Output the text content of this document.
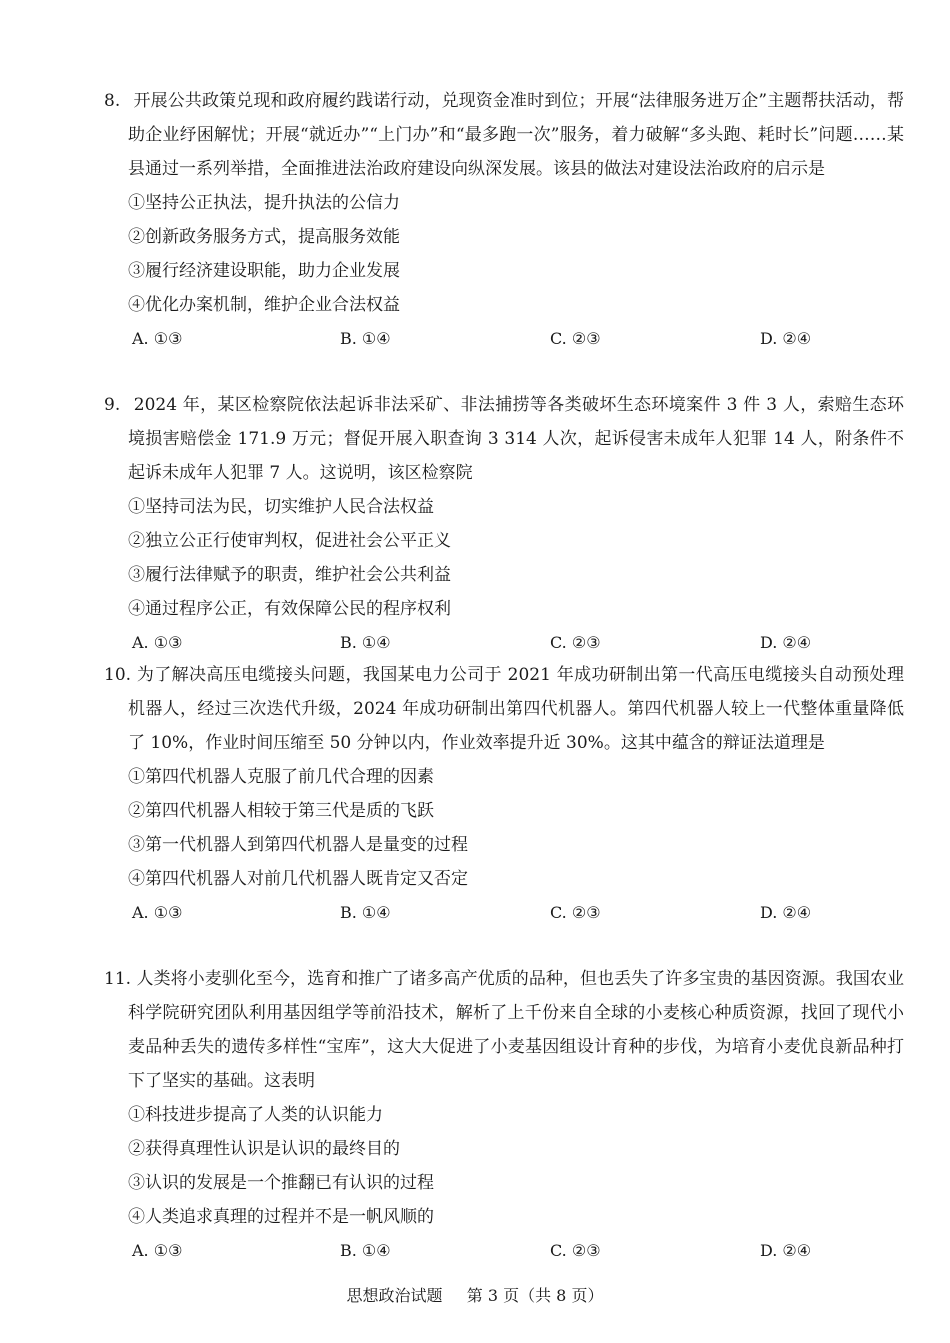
8. 开展公共政策兑现和政府履约践诺行动，兑现资金准时到位；开展“法律服务进万企”主题帮扶活动，帮助企业纾困解忧；开展“就近办”“上门办”和“最多跑一次”服务，着力破解“多头跑、耗时长”问题……某县通过一系列举措，全面推进法治政府建设向纵深发展。该县的做法对建设法治政府的启示是
①坚持公正执法，提升执法的公信力
②创新政务服务方式，提高服务效能
③履行经济建设职能，助力企业发展
④优化办案机制，维护企业合法权益
A. ①③	B. ①④	C. ②③	D. ②④
9. 2024 年，某区检察院依法起诉非法采矿、非法捕捞等各类破坏生态环境案件 3 件 3 人，索赔生态环境损害赔偿金 171.9 万元；督促开展入职查询 3 314 人次，起诉侵害未成年人犯罪 14 人，附条件不起诉未成年人犯罪 7 人。这说明，该区检察院
①坚持司法为民，切实维护人民合法权益
②独立公正行使审判权，促进社会公平正义
③履行法律赋予的职责，维护社会公共利益
④通过程序公正，有效保障公民的程序权利
A. ①③	B. ①④	C. ②③	D. ②④
10. 为了解决高压电缆接头问题，我国某电力公司于 2021 年成功研制出第一代高压电缆接头自动预处理机器人，经过三次迭代升级，2024 年成功研制出第四代机器人。第四代机器人较上一代整体重量降低了 10%，作业时间压缩至 50 分钟以内，作业效率提升近 30%。这其中蕴含的辩证法道理是
①第四代机器人克服了前几代合理的因素
②第四代机器人相较于第三代是质的飞跃
③第一代机器人到第四代机器人是量变的过程
④第四代机器人对前几代机器人既肯定又否定
A. ①③	B. ①④	C. ②③	D. ②④
11. 人类将小麦驯化至今，选育和推广了诸多高产优质的品种，但也丢失了许多宝贵的基因资源。我国农业科学院研究团队利用基因组学等前沿技术，解析了上千份来自全球的小麦核心种质资源，找回了现代小麦品种丢失的遗传多样性“宝库”，这大大促进了小麦基因组设计育种的步伐，为培育小麦优良新品种打下了坚实的基础。这表明
①科技进步提高了人类的认识能力
②获得真理性认识是认识的最终目的
③认识的发展是一个推翻已有认识的过程
④人类追求真理的过程并不是一帆风顺的
A. ①③	B. ①④	C. ②③	D. ②④
思想政治试题 第 3 页（共 8 页）
